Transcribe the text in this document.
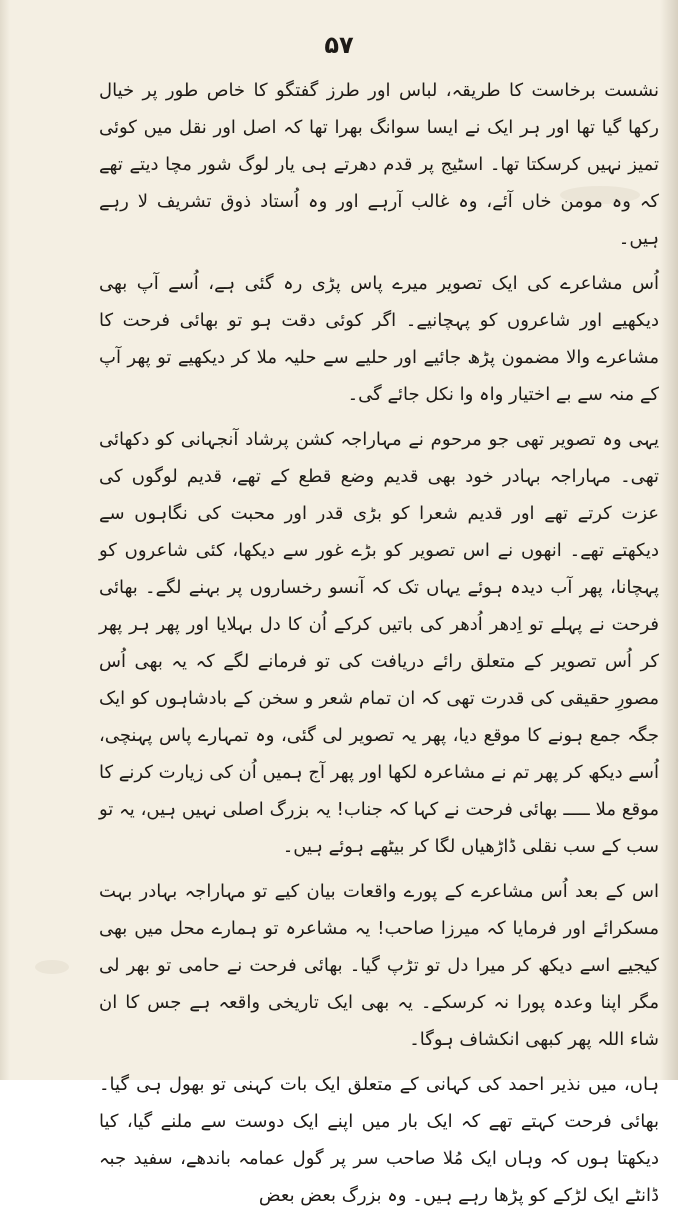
۵۷

نشست برخاست کا طریقہ، لباس اور طرز گفتگو کا خاص طور پر خیال رکھا گیا تھا اور ہر ایک نے ایسا سوانگ بھرا تھا کہ اصل اور نقل میں کوئی تمیز نہیں کرسکتا تھا۔ اسٹیج پر قدم دھرتے ہی یار لوگ شور مچا دیتے تھے کہ وہ مومن خاں آئے، وہ غالب آرہے اور وہ اُستاد ذوق تشریف لا رہے ہیں۔

اُس مشاعرے کی ایک تصویر میرے پاس پڑی رہ گئی ہے، اُسے آپ بھی دیکھیے اور شاعروں کو پہچانیے۔ اگر کوئی دقت ہو تو بھائی فرحت کا مشاعرے والا مضمون پڑھ جائیے اور حلیے سے حلیہ ملا کر دیکھیے تو پھر آپ کے منہ سے بے اختیار واہ وا نکل جائے گی۔

یہی وہ تصویر تھی جو مرحوم نے مہاراجہ کشن پرشاد آنجہانی کو دکھائی تھی۔ مہاراجہ بہادر خود بھی قدیم وضع قطع کے تھے، قدیم لوگوں کی عزت کرتے تھے اور قدیم شعرا کو بڑی قدر اور محبت کی نگاہوں سے دیکھتے تھے۔ انھوں نے اس تصویر کو بڑے غور سے دیکھا، کئی شاعروں کو پہچانا، پھر آب دیدہ ہوئے یہاں تک کہ آنسو رخساروں پر بہنے لگے۔ بھائی فرحت نے پہلے تو اِدھر اُدھر کی باتیں کرکے اُن کا دل بہلایا اور پھر ہر پھر کر اُس تصویر کے متعلق رائے دریافت کی تو فرمانے لگے کہ یہ بھی اُس مصورِ حقیقی کی قدرت تھی کہ ان تمام شعر و سخن کے بادشاہوں کو ایک جگہ جمع ہونے کا موقع دیا، پھر یہ تصویر لی گئی، وہ تمہارے پاس پہنچی، اُسے دیکھ کر پھر تم نے مشاعرہ لکھا اور پھر آج ہمیں اُن کی زیارت کرنے کا موقع ملا ـــــ بھائی فرحت نے کہا کہ جناب! یہ بزرگ اصلی نہیں ہیں، یہ تو سب کے سب نقلی ڈاڑھیاں لگا کر بیٹھے ہوئے ہیں۔

اس کے بعد اُس مشاعرے کے پورے واقعات بیان کیے تو مہاراجہ بہادر بہت مسکرائے اور فرمایا کہ میرزا صاحب! یہ مشاعرہ تو ہمارے محل میں بھی کیجیے اسے دیکھ کر میرا دل تو تڑپ گیا۔ بھائی فرحت نے حامی تو بھر لی مگر اپنا وعدہ پورا نہ کرسکے۔ یہ بھی ایک تاریخی واقعہ ہے جس کا ان شاء اللہ پھر کبھی انکشاف ہوگا۔

ہاں، میں نذیر احمد کی کہانی کے متعلق ایک بات کہنی تو بھول ہی گیا۔ بھائی فرحت کہتے تھے کہ ایک بار میں اپنے ایک دوست سے ملنے گیا، کیا دیکھتا ہوں کہ وہاں ایک مُلا صاحب سر پر گول عمامہ باندھے، سفید جبہ ڈانٹے ایک لڑکے کو پڑھا رہے ہیں۔ وہ بزرگ بعض بعض
